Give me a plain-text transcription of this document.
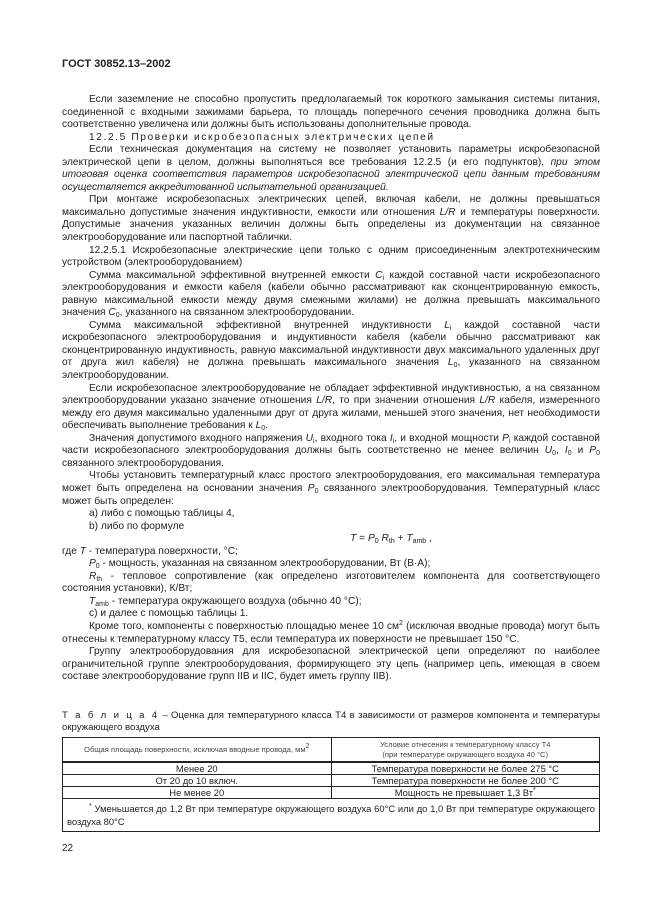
ГОСТ 30852.13–2002

Если заземление не способно пропустить предлолагаемый ток короткого замыкания системы питания, соединенной с входными зажимами барьера, то площадь поперечного сечения проводника должна быть соответственно увеличена или должны быть использованы дополнительные провода.

12.2.5 Проверки искробезопасных электрических цепей

Если техническая документация на систему не позволяет установить параметры искробезопасной электрической цепи в целом, должны выполняться все требования 12.2.5 (и его подпунктов), при этом итоговая оценка соответствия параметров искробезопасной электрической цепи данным требованиям осуществляется аккредитованной испытательной организацией.

При монтаже искробезопасных электрических цепей, включая кабели, не должны превышаться максимально допустимые значения индуктивности, емкости или отношения L/R и температуры поверхности. Допустимые значения указанных величин должны быть определены из документации на связанное электрооборудование или паспортной таблички.

12.2.5.1 Искробезопасные электрические цепи только с одним присоединенным электротехническим устройством (электрооборудованием)

Сумма максимальной эффективной внутренней емкости $C_i$ каждой составной части искробезопасного электрооборудования и емкости кабеля (кабели обычно рассматривают как сконцентрированную емкость, равную максимальной емкости между двумя смежными жилами) не должна превышать максимального значения $C_0$, указанного на связанном электрооборудовании.

Сумма максимальной эффективной внутренней индуктивности $L_i$ каждой составной части искробезопасного электрооборудования и индуктивности кабеля (кабели обычно рассматривают как сконцентрированную индуктивность, равную максимальной индуктивности двух максимального удаленных друг от друга жил кабеля) не должна превышать максимального значения $L_0$, указанного на связанном электрооборудовании.

Если искробезопасное электрооборудование не обладает эффективной индуктивностью, а на связанном электрооборудовании указано значение отношения L/R, то при значении отношения L/R кабеля, измеренного между его двумя максимально удаленными друг от друга жилами, меньшей этого значения, нет необходимости обеспечивать выполнение требования к $L_0$.

Значения допустимого входного напряжения $U_i$, входного тока $I_i$, и входной мощности $P_i$ каждой составной части искробезопасного электрооборудования должны быть соответственно не менее величин $U_0$, $I_0$ и $P_0$ связанного электрооборудования.

Чтобы установить температурный класс простого электрооборудования, его максимальная температура может быть определена на основании значения $P_0$ связанного электрооборудования. Температурный класс может быть определен:

a) либо с помощью таблицы 4,

b) либо по формуле

$T = P_0$ $R_{th} + T_{amb}$ ,

где T - температура поверхности, °C;

$P_0$ - мощность, указанная на связанном электрооборудовании, Вт (В·А);

$R_{th}$ - тепловое сопротивление (как определено изготовителем компонента для соответствующего состояния установки), К/Вт;

$T_{amb}$ - температура окружающего воздуха (обычно 40 °C);

c) и далее с помощью таблицы 1.

Кроме того, компоненты с поверхностью площадью менее 10 $см^2$ (исключая вводные провода) могут быть отнесены к температурному классу Т5, если температура их поверхности не превышает 150 °C.

Группу электрооборудования для искробезопасной электрической цепи определяют по наиболее ограничительной группе электрооборудования, формирующего эту цепь (например цепь, имеющая в своем составе электрооборудование групп IIB и IIC, будет иметь группу IIB).

Т а б л и ц а 4 – Оценка для температурного класса Т4 в зависимости от размеров компонента и температуры окружающего воздуха
Общая площадь поверхности, исключая вводные провода, $мм^2$	Условие отнесения к температурному классу Т4
(при температуре окружающего воздуха 40 °C)
Менее 20	Температура поверхности не более 275 °C
От 20 до 10 включ.	Температура поверхности не более 200 °C
Не менее 20	Мощность не превышает 1,3 Вт*
* Уменьшается до 1,2 Вт при температуре окружающего воздуха 60°C или до 1,0 Вт при температуре окружающего воздуха 80°C	
22
